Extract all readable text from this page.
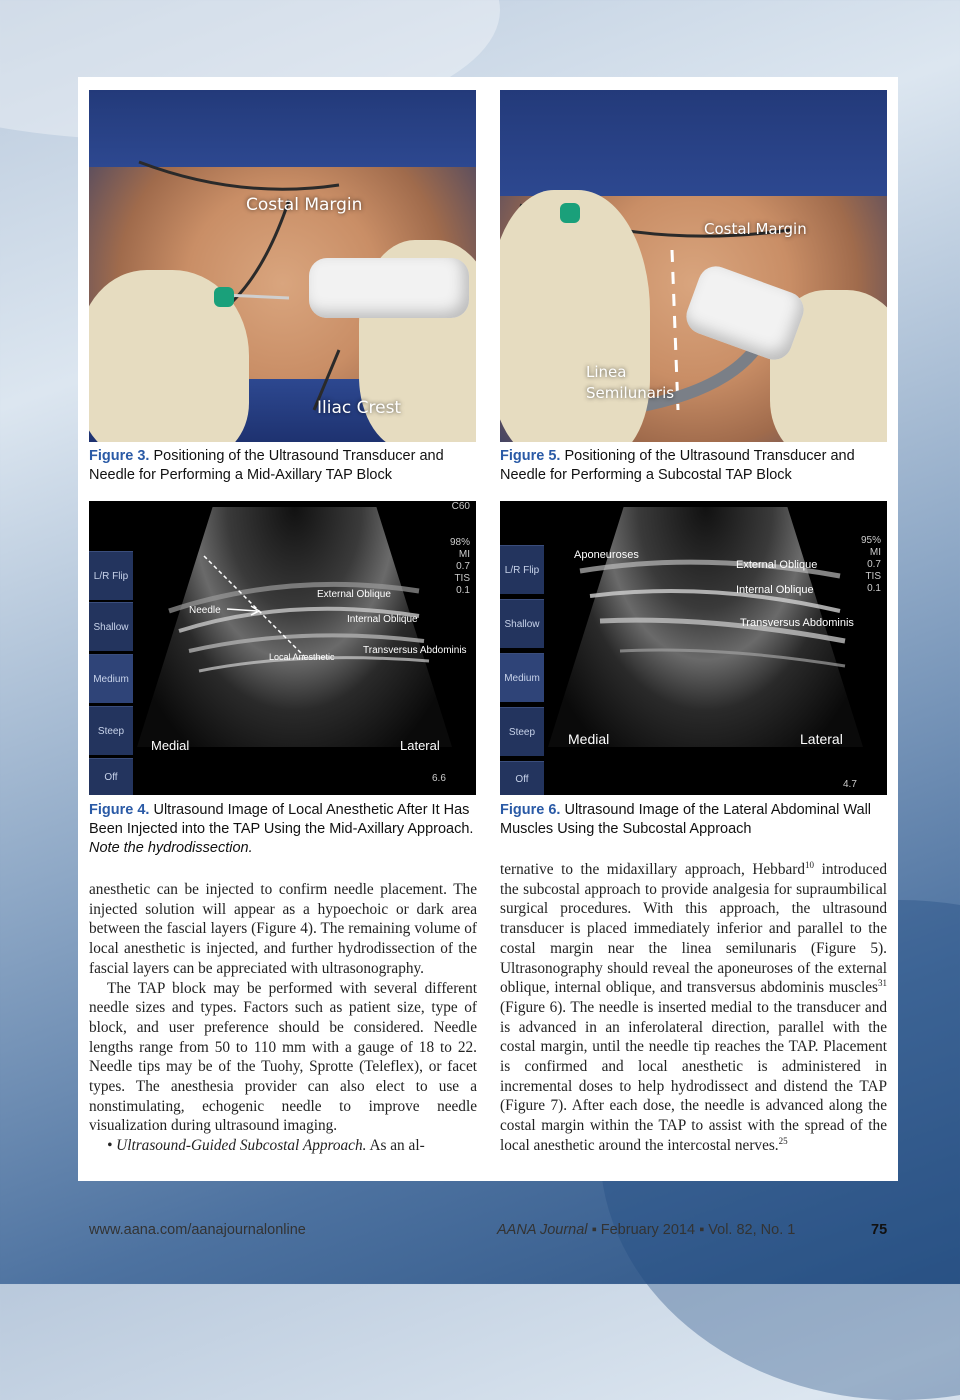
Costal Margin
Iliac Crest
Costal Margin
Linea
Semilunaris
Figure 3. Positioning of the Ultrasound Transducer and Needle for Performing a Mid-Axillary TAP Block
Figure 5. Positioning of the Ultrasound Transducer and Needle for Performing a Subcostal TAP Block
L/R Flip
Shallow
Medium
Steep
Off
Needle
External Oblique
Internal Oblique
Transversus Abdominis
Local Anesthetic
Medial	Lateral
6.6
C60
98%
MI
0.7
TIS
0.1
L/R Flip
Shallow
Medium
Steep
Off
Aponeuroses
External Oblique
Internal Oblique
Transversus Abdominis
Medial	Lateral
4.7
95%
MI
0.7
TIS
0.1
Figure 4. Ultrasound Image of Local Anesthetic After It Has Been Injected into the TAP Using the Mid-Axillary Approach. Note the hydrodissection.
Figure 6. Ultrasound Image of the Lateral Abdominal Wall Muscles Using the Subcostal Approach

anesthetic can be injected to confirm needle placement. The injected solution will appear as a hypoechoic or dark area between the fascial layers (Figure 4). The remaining volume of local anesthetic is injected, and further hydrodissection of the fascial layers can be appreciated with ultrasonography.

The TAP block may be performed with several different needle sizes and types. Factors such as patient size, type of block, and user preference should be considered. Needle lengths range from 50 to 110 mm with a gauge of 18 to 22. Needle tips may be of the Tuohy, Sprotte (Teleflex), or facet types. The anesthesia provider can also elect to use a nonstimulating, echogenic needle to improve needle visualization during ultrasound imaging.

• Ultrasound-Guided Subcostal Approach. As an al-

ternative to the midaxillary approach, Hebbard$^{10}$ introduced the subcostal approach to provide analgesia for supraumbilical surgical procedures. With this approach, the ultrasound transducer is placed immediately inferior and parallel to the costal margin near the linea semilunaris (Figure 5). Ultrasonography should reveal the aponeuroses of the external oblique, internal oblique, and transversus abdominis muscles$^{31}$ (Figure 6). The needle is inserted medial to the transducer and is advanced in an inferolateral direction, parallel with the costal margin, until the needle tip reaches the TAP. Placement is confirmed and local anesthetic is administered in incremental doses to help hydrodissect and distend the TAP (Figure 7). After each dose, the needle is advanced along the costal margin within the TAP to assist with the spread of the local anesthetic around the intercostal nerves.$^{25}$

www.aana.com/aanajournalonline	AANA Journal ▪ February 2014 ▪ Vol. 82, No. 1	75
